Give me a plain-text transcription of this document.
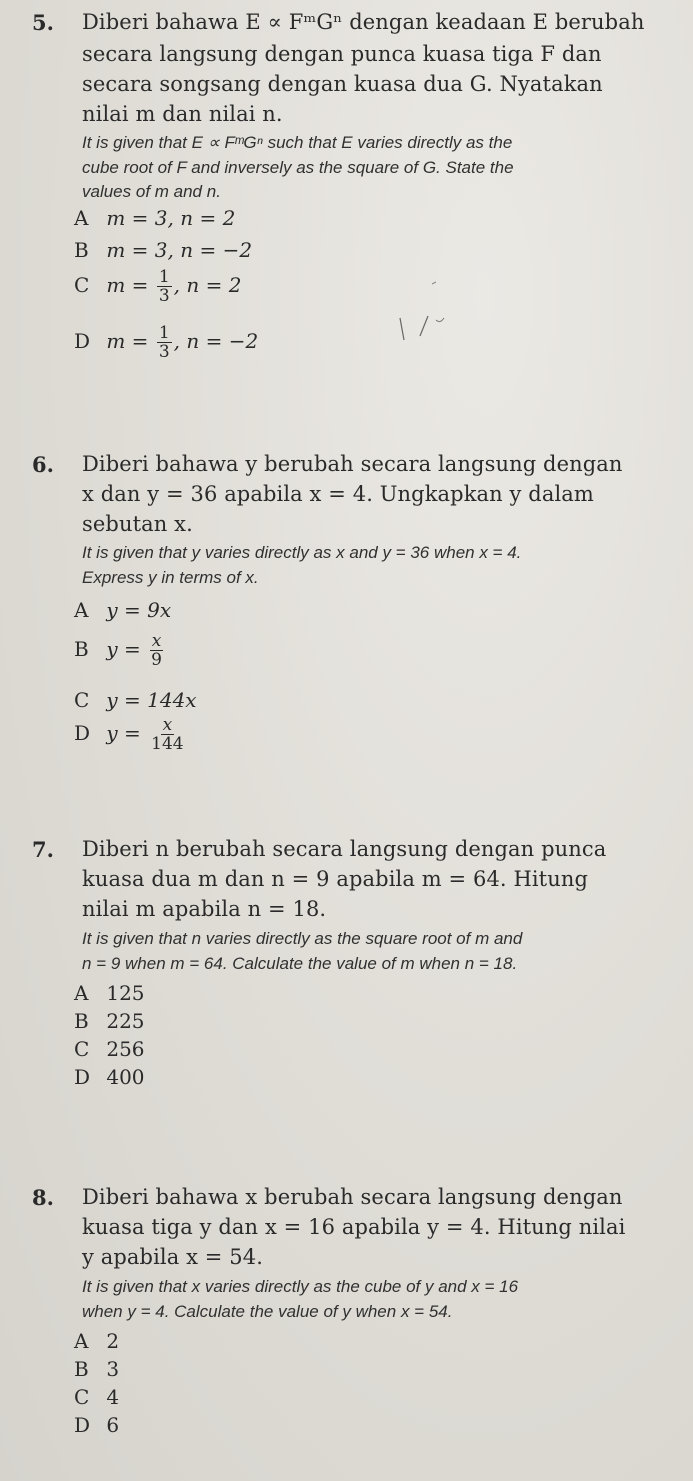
5. Diberi bahawa E ∝ FᵐGⁿ dengan keadaan E berubah
secara langsung dengan punca kuasa tiga F dan
secara songsang dengan kuasa dua G. Nyatakan
nilai m dan nilai n.
It is given that E ∝ FᵐGⁿ such that E varies directly as the
cube root of F and inversely as the square of G. State the
values of m and n.
A m = 3, n = 2
B m = 3, n = −2
C $m = \frac{1}{3}$ , n = 2
D $m = \frac{1}{3}$ , n = −2
6. Diberi bahawa y berubah secara langsung dengan
x dan y = 36 apabila x = 4. Ungkapkan y dalam
sebutan x.
It is given that y varies directly as x and y = 36 when x = 4.
Express y in terms of x.
A y = 9x
B $y = \frac{x}{9}$
C y = 144x
D $y = \frac{x}{144}$
7. Diberi n berubah secara langsung dengan punca
kuasa dua m dan n = 9 apabila m = 64. Hitung
nilai m apabila n = 18.
It is given that n varies directly as the square root of m and
n = 9 when m = 64. Calculate the value of m when n = 18.
A 125
B 225
C 256
D 400
8. Diberi bahawa x berubah secara langsung dengan
kuasa tiga y dan x = 16 apabila y = 4. Hitung nilai
y apabila x = 54.
It is given that x varies directly as the cube of y and x = 16
when y = 4. Calculate the value of y when x = 54.
A 2
B 3
C 4
D 6
